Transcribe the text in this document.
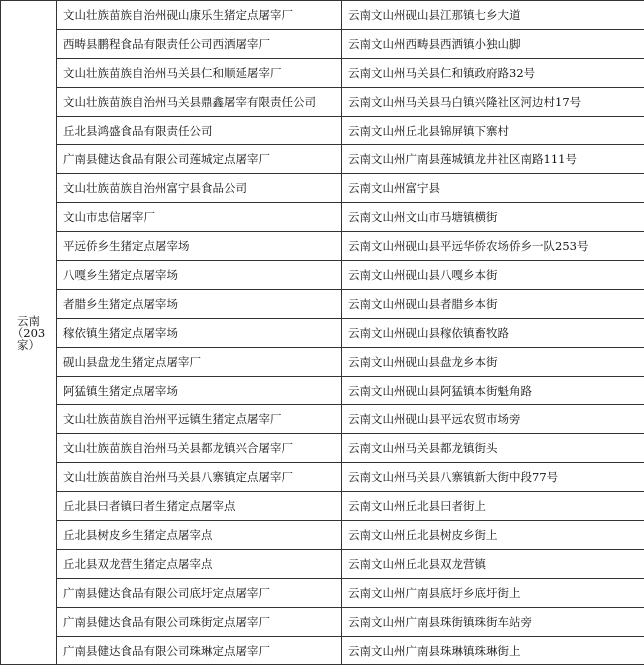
云南
（203
家）	文山壮族苗族自治州砚山康乐生猪定点屠宰厂	云南文山州砚山县江那镇七乡大道
	西畴县鹏程食品有限责任公司西洒屠宰厂	云南文山州西畴县西洒镇小独山脚
	文山壮族苗族自治州马关县仁和顺延屠宰厂	云南文山州马关县仁和镇政府路32号
	文山壮族苗族自治州马关县鼎鑫屠宰有限责任公司	云南文山州马关县马白镇兴隆社区河边村17号
	丘北县鸿盛食品有限责任公司	云南文山州丘北县锦屏镇下寨村
	广南县健达食品有限公司莲城定点屠宰厂	云南文山州广南县莲城镇龙井社区南路111号
	文山壮族苗族自治州富宁县食品公司	云南文山州富宁县
	文山市忠信屠宰厂	云南文山州文山市马塘镇横街
	平远侨乡生猪定点屠宰场	云南文山州砚山县平远华侨农场侨乡一队253号
	八嘎乡生猪定点屠宰场	云南文山州砚山县八嘎乡本街
	者腊乡生猪定点屠宰场	云南文山州砚山县者腊乡本街
	稼依镇生猪定点屠宰场	云南文山州砚山县稼依镇畜牧路
	砚山县盘龙生猪定点屠宰厂	云南文山州砚山县盘龙乡本街
	阿猛镇生猪定点屠宰场	云南文山州砚山县阿猛镇本街魁角路
	文山壮族苗族自治州平远镇生猪定点屠宰厂	云南文山州砚山县平远农贸市场旁
	文山壮族苗族自治州马关县都龙镇兴合屠宰厂	云南文山州马关县都龙镇街头
	文山壮族苗族自治州马关县八寨镇定点屠宰厂	云南文山州马关县八寨镇新大街中段77号
	丘北县曰者镇曰者生猪定点屠宰点	云南文山州丘北县曰者街上
	丘北县树皮乡生猪定点屠宰点	云南文山州丘北县树皮乡街上
	丘北县双龙营生猪定点屠宰点	云南文山州丘北县双龙营镇
	广南县健达食品有限公司底圩定点屠宰厂	云南文山州广南县底圩乡底圩街上
	广南县健达食品有限公司珠街定点屠宰厂	云南文山州广南县珠街镇珠街车站旁
	广南县健达食品有限公司珠琳定点屠宰厂	云南文山州广南县珠琳镇珠琳街上
